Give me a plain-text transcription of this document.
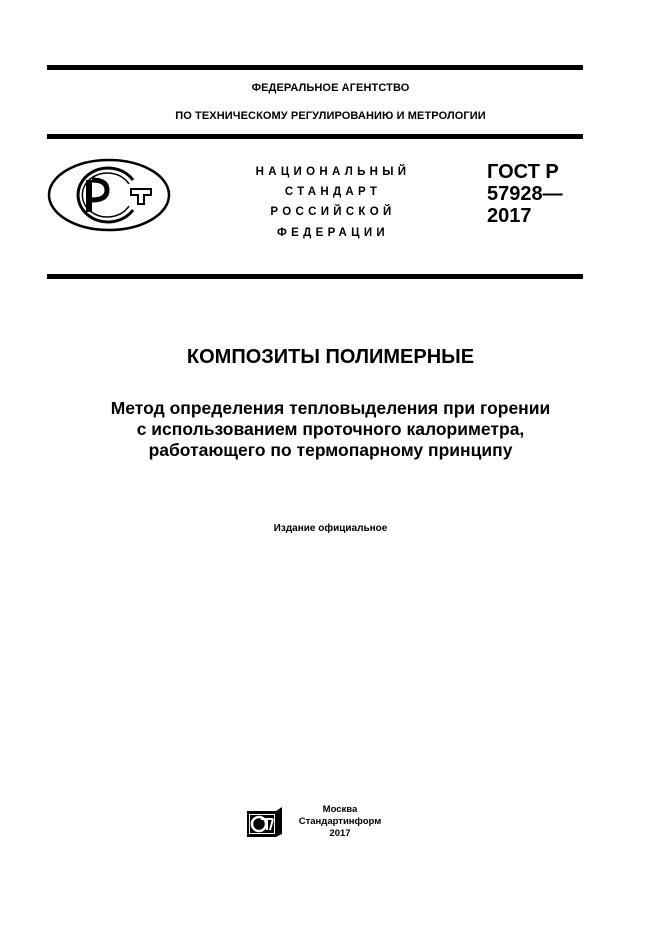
ФЕДЕРАЛЬНОЕ АГЕНТСТВО
ПО ТЕХНИЧЕСКОМУ РЕГУЛИРОВАНИЮ И МЕТРОЛОГИИ
НАЦИОНАЛЬНЫЙ
СТАНДАРТ
РОССИЙСКОЙ
ФЕДЕРАЦИИ
ГОСТ Р
57928—
2017
КОМПОЗИТЫ ПОЛИМЕРНЫЕ
Метод определения тепловыделения при горении
с использованием проточного калориметра,
работающего по термопарному принципу
Издание официальное
Москва
Стандартинформ
2017
